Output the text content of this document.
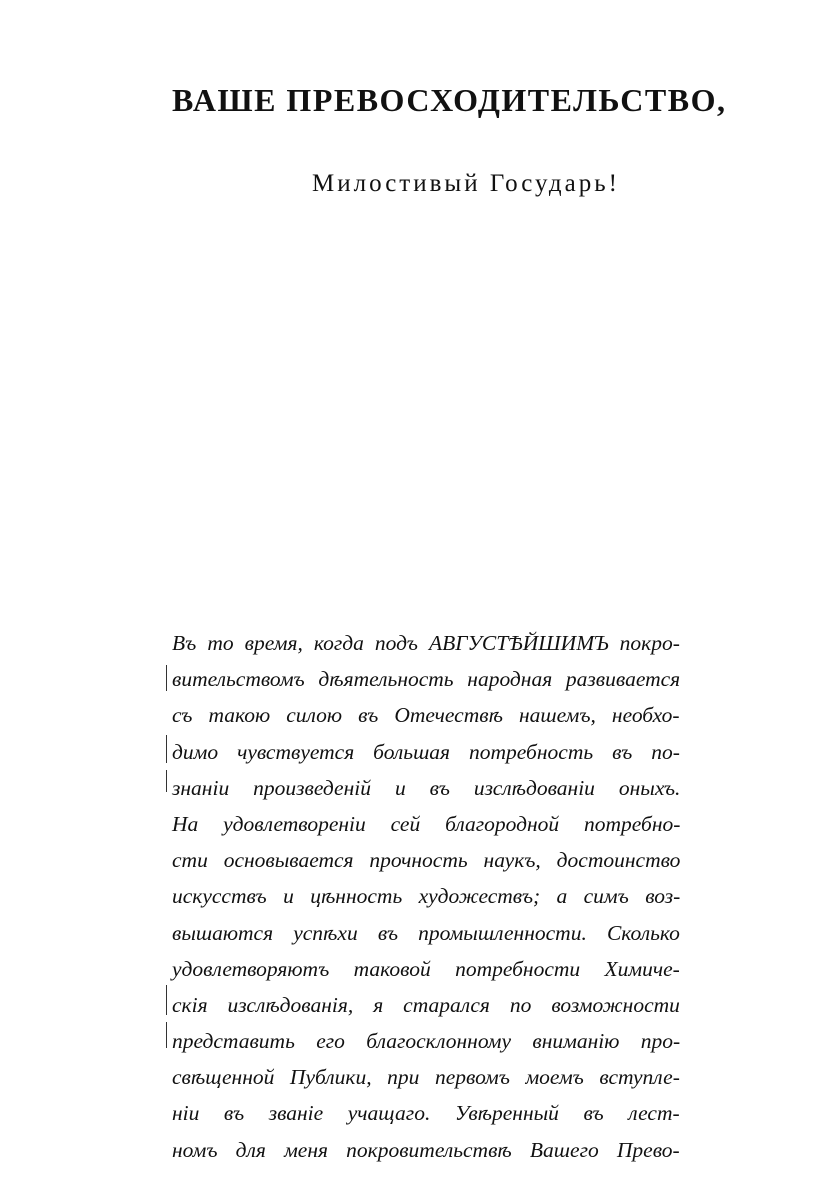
ВАШЕ ПРЕВОСХОДИТЕЛЬСТВО,
Милостивый Государь!
Въ то время, когда подъ АВГУСТѢЙШИМЪ покро-
вительствомъ дѣятельность народная развивается
съ такою силою въ Отечествѣ нашемъ, необхо-
димо чувствуется большая потребность въ по-
знаніи произведеній и въ изслѣдованіи оныхъ.
На удовлетвореніи сей благородной потребно-
сти основывается прочность наукъ, достоинство
искусствъ и цѣнность художествъ; а симъ воз-
вышаются успѣхи въ промышленности. Сколько
удовлетворяютъ таковой потребности Химиче-
скія изслѣдованія, я старался по возможности
представить его благосклонному вниманію про-
свѣщенной Публики, при первомъ моемъ вступле-
ніи въ званіе учащаго. Увѣренный въ лест-
номъ для меня покровительствѣ Вашего Прево-
